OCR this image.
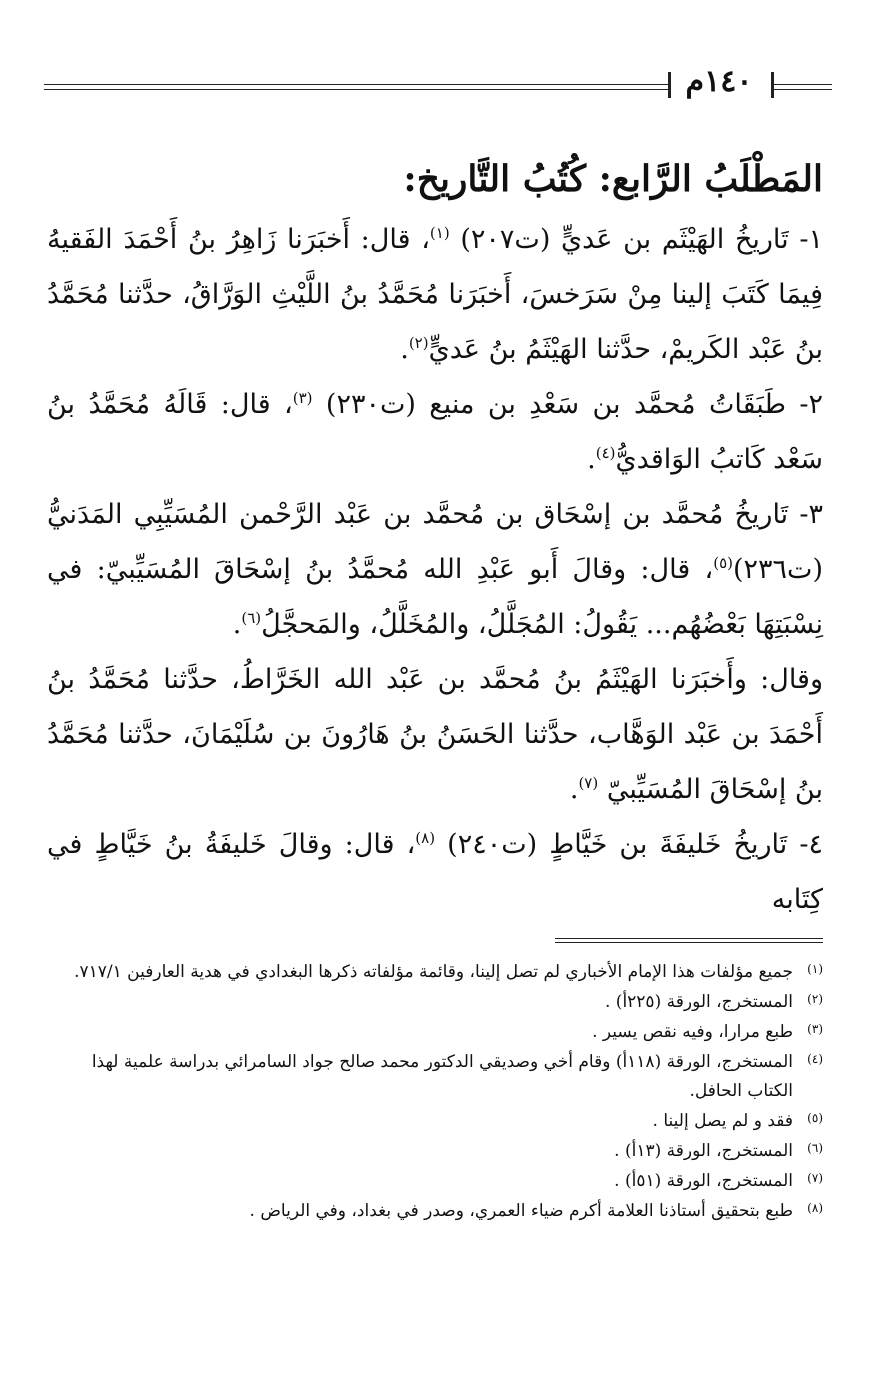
١٤٠م
المَطْلَبُ الرَّابع: كُتُبُ التَّاريخ:

١- تَاريخُ الهَيْثَم بن عَديٍّ (ت٢٠٧) $^{(١)}$، قال: أَخبَرَنا زَاهِرُ بنُ أَحْمَدَ الفَقيهُ فِيمَا كَتَبَ إلينا مِنْ سَرَخسَ، أَخبَرَنا مُحَمَّدُ بنُ اللَّيْثِ الوَرَّاقُ، حدَّثنا مُحَمَّدُ بنُ عَبْد الكَريمْ، حدَّثنا الهَيْثَمُ بنُ عَديٍّ$^{(٢)}$.

٢- طَبَقَاتُ مُحمَّد بن سَعْدِ بن منيع (ت٢٣٠) $^{(٣)}$، قال: قَالَهُ مُحَمَّدُ بنُ سَعْد كَاتبُ الوَاقديُّ$^{(٤)}$.

٣- تَاريخُ مُحمَّد بن إسْحَاق بن مُحمَّد بن عَبْد الرَّحْمن المُسَيِّبِي المَدَنيُّ (ت٢٣٦)$^{(٥)}$، قال: وقالَ أَبو عَبْدِ الله مُحمَّدُ بنُ إسْحَاقَ المُسَيِّبيّ: في نِسْبَتِهَا بَعْضُهُم... يَقُولُ: المُجَلَّلُ، والمُخَلَّلُ، والمَحجَّلُ$^{(٦)}$.

وقال: وأَخبَرَنا الهَيْثَمُ بنُ مُحمَّد بن عَبْد الله الخَرَّاطُ، حدَّثنا مُحَمَّدُ بنُ أَحْمَدَ بن عَبْد الوَهَّاب، حدَّثنا الحَسَنُ بنُ هَارُونَ بن سُلَيْمَانَ، حدَّثنا مُحَمَّدُ بنُ إسْحَاقَ المُسَيِّبيّ $^{(٧)}$.

٤- تَاريخُ خَليفَةَ بن خَيَّاطٍ (ت٢٤٠) $^{(٨)}$، قال: وقالَ خَليفَةُ بنُ خَيَّاطٍ في كِتَابه

(١)
جميع مؤلفات هذا الإمام الأخباري لم تصل إلينا، وقائمة مؤلفاته ذكرها البغدادي في هدية العارفين ٧١٧/١.
(٢)
المستخرج، الورقة (٢٢٥أ) .
(٣)
طبع مرارا، وفيه نقص يسير .
(٤)
المستخرج، الورقة (١١٨أ) وقام أخي وصديقي الدكتور محمد صالح جواد السامرائي بدراسة علمية لهذا الكتاب الحافل.
(٥)
فقد و لم يصل إلينا .
(٦)
المستخرج، الورقة (١٣أ) .
(٧)
المستخرج، الورقة (٥١أ) .
(٨)
طبع بتحقيق أستاذنا العلامة أكرم ضياء العمري، وصدر في بغداد، وفي الرياض .
